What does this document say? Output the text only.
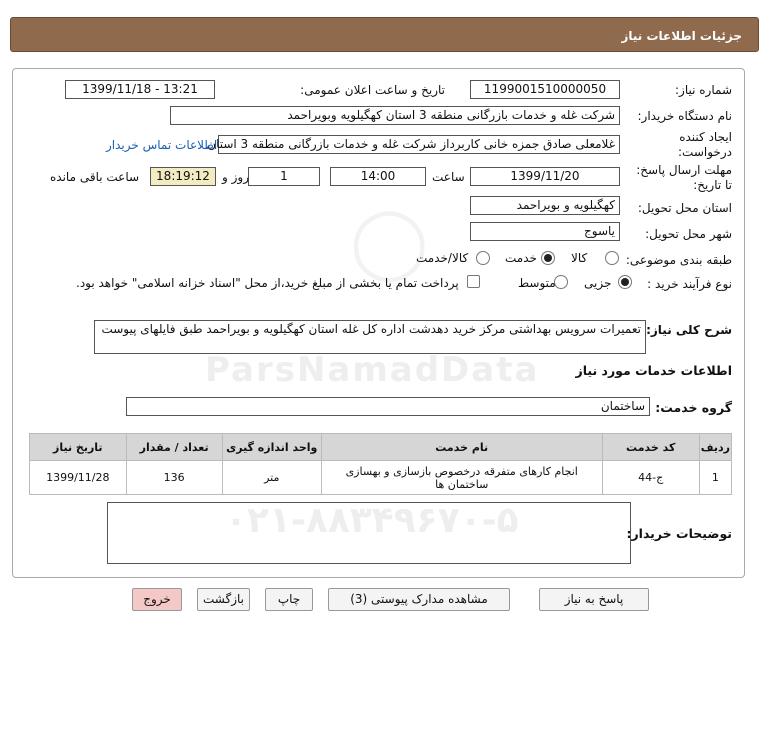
جزئیات اطلاعات نیاز
شماره نیاز:
1199001510000050
تاریخ و ساعت اعلان عمومی:
1399/11/18 - 13:21
نام دستگاه خریدار:
شرکت غله و خدمات بازرگانی منطقه 3 استان کهگیلویه وبویراحمد
ایجاد کننده
درخواست:
غلامعلی صادق جمزه خانی کاربرداز شرکت غله و خدمات بازرگانی منطقه 3 استان
اطلاعات تماس خریدار
مهلت ارسال پاسخ:
تا تاریخ:
1399/11/20
ساعت
14:00
1
روز و
18:19:12
ساعت باقی مانده
استان محل تحویل:
کهگیلویه و بویراحمد
شهر محل تحویل:
یاسوج
طبقه بندی موضوعی:
کالا
خدمت
کالا/خدمت
نوع فرآیند خرید :
جزیی
متوسط
پرداخت تمام یا بخشی از مبلغ خرید،از محل "اسناد خزانه اسلامی" خواهد بود.
شرح کلی نیاز:
تعمیرات سرویس بهداشتی مرکز خرید دهدشت اداره کل غله استان کهگیلویه و بویراحمد طبق فایلهای پیوست
اطلاعات خدمات مورد نیاز
گروه خدمت:
ساختمان
ردیف	کد خدمت	نام خدمت	واحد اندازه گیری	تعداد / مقدار	تاریخ نیاز
1	ج-44	انجام کارهای متفرقه درخصوص بازسازی و بهسازی ساختمان ها	متر	136	1399/11/28
توضیحات خریدار:
پاسخ به نیاز
مشاهده مدارک پیوستی (3)
چاپ
بازگشت
خروج
